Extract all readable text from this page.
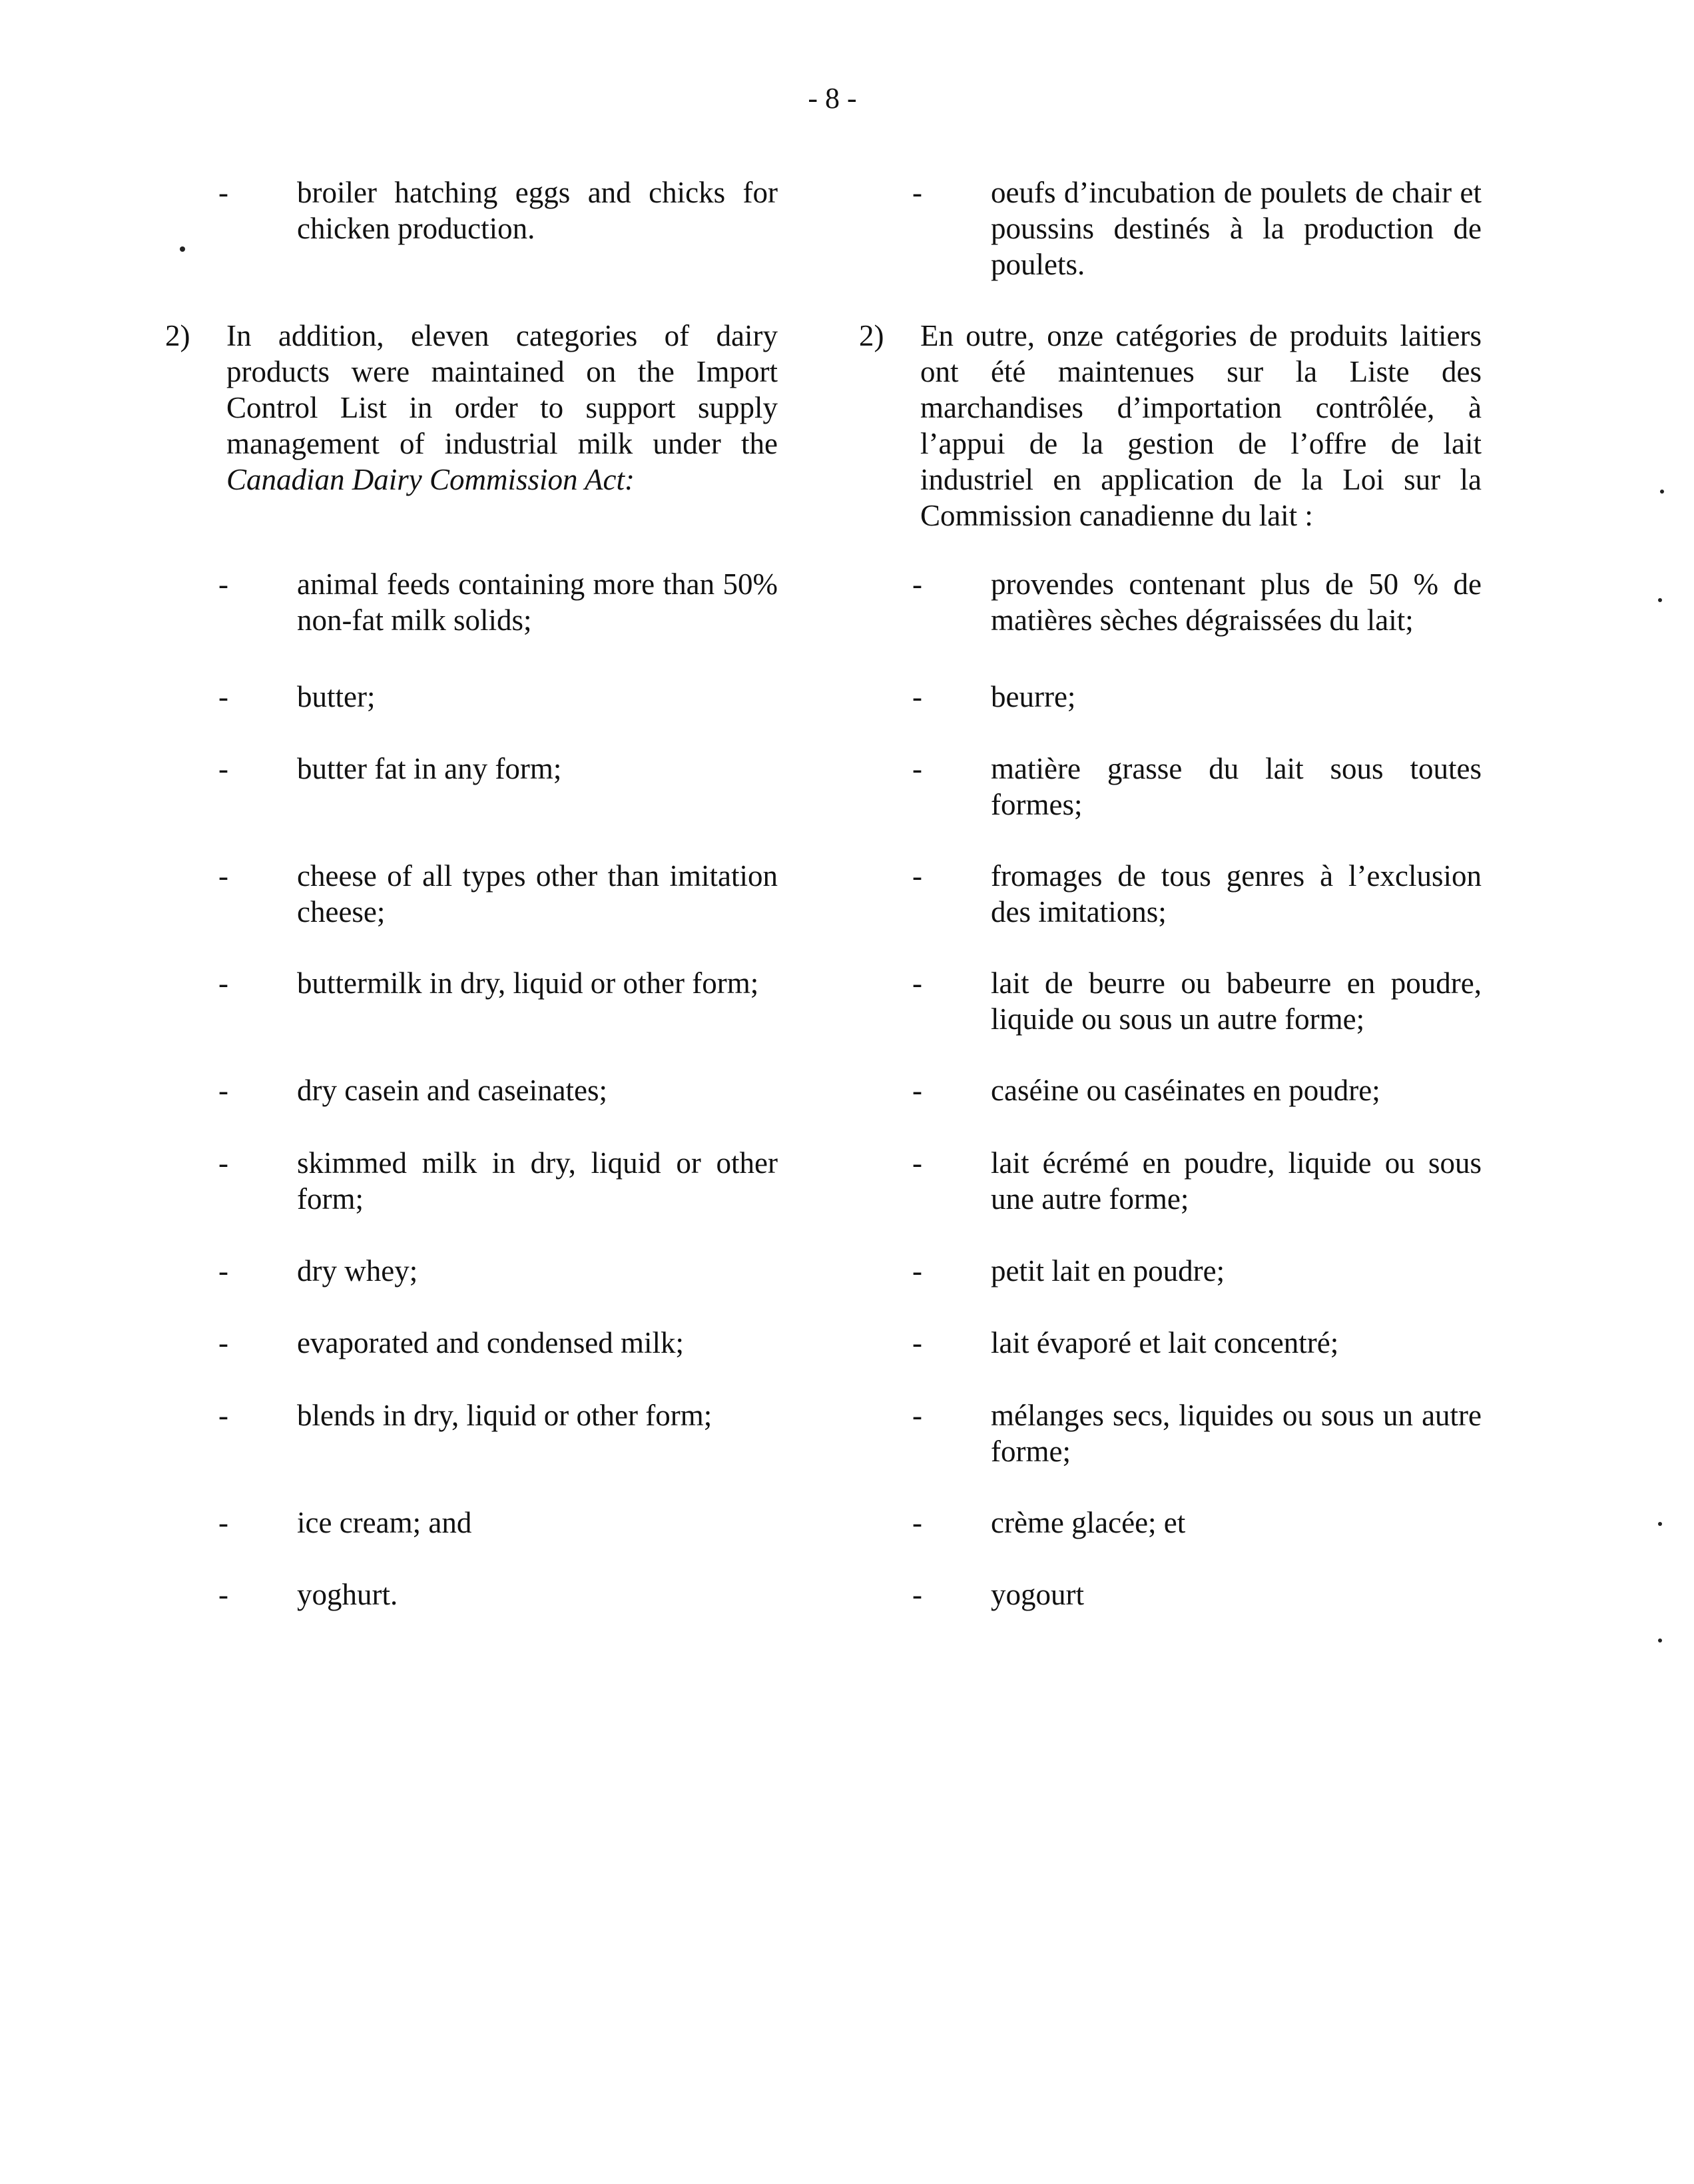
- 8 -
- broiler hatching eggs and chicks for chicken production.
2) In addition, eleven categories of dairy products were maintained on the Import Control List in order to support supply management of industrial milk under the Canadian Dairy Commission Act:
- animal feeds containing more than 50% non-fat milk solids;
- butter;
- butter fat in any form;
- cheese of all types other than imitation cheese;
- buttermilk in dry, liquid or other form;
- dry casein and caseinates;
- skimmed milk in dry, liquid or other form;
- dry whey;
- evaporated and condensed milk;
- blends in dry, liquid or other form;
- ice cream; and
- yoghurt.
- oeufs d’incubation de poulets de chair et poussins destinés à la production de poulets.
2) En outre, onze catégories de produits laitiers ont été maintenues sur la Liste des marchandises d’importation contrôlée, à l’appui de la gestion de l’offre de lait industriel en application de la Loi sur la Commission canadienne du lait :
- provendes contenant plus de 50 % de matières sèches dégraissées du lait;
- beurre;
- matière grasse du lait sous toutes formes;
- fromages de tous genres à l’exclusion des imitations;
- lait de beurre ou babeurre en poudre, liquide ou sous un autre forme;
- caséine ou caséinates en poudre;
- lait écrémé en poudre, liquide ou sous une autre forme;
- petit lait en poudre;
- lait évaporé et lait concentré;
- mélanges secs, liquides ou sous un autre forme;
- crème glacée; et
- yogourt
